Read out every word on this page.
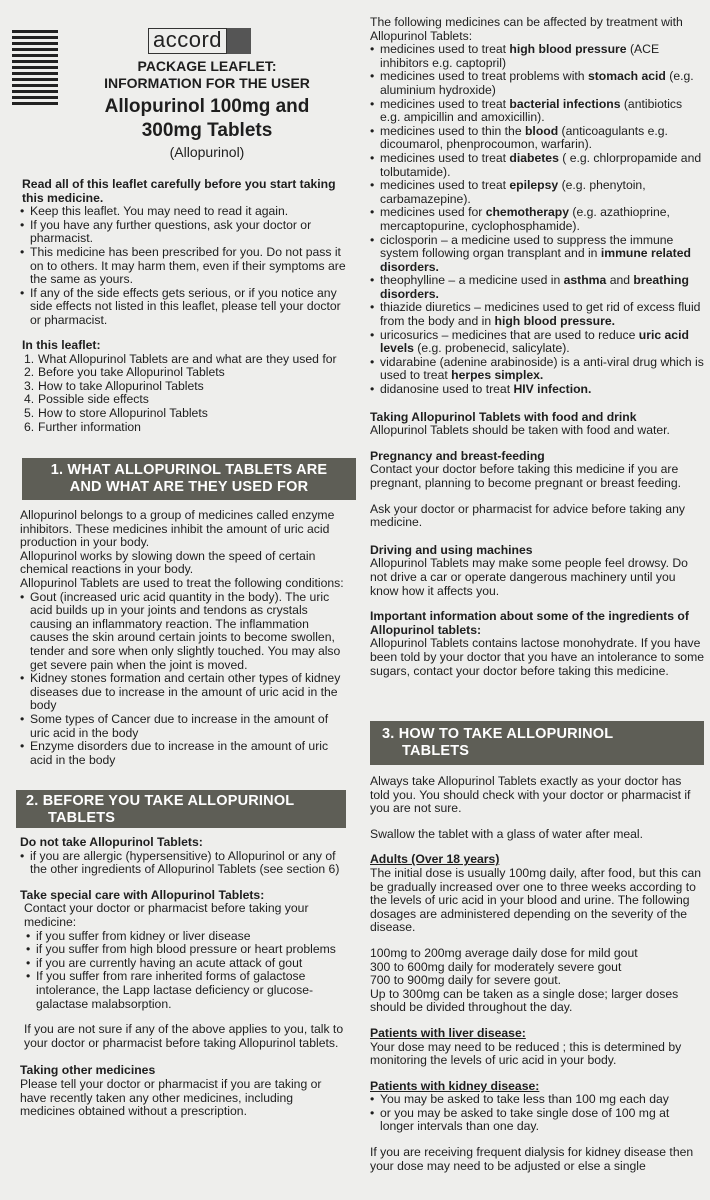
accord
PACKAGE LEAFLET:
INFORMATION FOR THE USER
Allopurinol 100mg and
300mg Tablets
(Allopurinol)

Read all of this leaflet carefully before you start taking this medicine.

• Keep this leaflet. You may need to read it again.
• If you have any further questions, ask your doctor or pharmacist.
• This medicine has been prescribed for you. Do not pass it on to others. It may harm them, even if their symptoms are the same as yours.
• If any of the side effects gets serious, or if you notice any side effects not listed in this leaflet, please tell your doctor or pharmacist.

In this leaflet:

1. What Allopurinol Tablets are and what are they used for
2. Before you take Allopurinol Tablets
3. How to take Allopurinol Tablets
4. Possible side effects
5. How to store Allopurinol Tablets
6. Further information
1. WHAT ALLOPURINOL TABLETS ARE
AND WHAT ARE THEY USED FOR

Allopurinol belongs to a group of medicines called enzyme inhibitors. These medicines inhibit the amount of uric acid production in your body.

Allopurinol works by slowing down the speed of certain chemical reactions in your body.

Allopurinol Tablets are used to treat the following conditions:

• Gout (increased uric acid quantity in the body). The uric acid builds up in your joints and tendons as crystals causing an inflammatory reaction. The inflammation causes the skin around certain joints to become swollen, tender and sore when only slightly touched. You may also get severe pain when the joint is moved.
• Kidney stones formation and certain other types of kidney diseases due to increase in the amount of uric acid in the body
• Some types of Cancer due to increase in the amount of uric acid in the body
• Enzyme disorders due to increase in the amount of uric acid in the body
2. BEFORE YOU TAKE ALLOPURINOL
TABLETS

Do not take Allopurinol Tablets:

• if you are allergic (hypersensitive) to Allopurinol or any of the other ingredients of Allopurinol Tablets (see section 6)

Take special care with Allopurinol Tablets:

Contact your doctor or pharmacist before taking your medicine:

• if you suffer from kidney or liver disease
• if you suffer from high blood pressure or heart problems
• if you are currently having an acute attack of gout
• If you suffer from rare inherited forms of galactose intolerance, the Lapp lactase deficiency or glucose-galactase malabsorption.

If you are not sure if any of the above applies to you, talk to your doctor or pharmacist before taking Allopurinol tablets.

Taking other medicines

Please tell your doctor or pharmacist if you are taking or have recently taken any other medicines, including medicines obtained without a prescription.

The following medicines can be affected by treatment with Allopurinol Tablets:

• medicines used to treat high blood pressure (ACE inhibitors e.g. captopril)
• medicines used to treat problems with stomach acid (e.g. aluminium hydroxide)
• medicines used to treat bacterial infections (antibiotics e.g. ampicillin and amoxicillin).
• medicines used to thin the blood (anticoagulants e.g. dicoumarol, phenprocoumon, warfarin).
• medicines used to treat diabetes ( e.g. chlorpropamide and tolbutamide).
• medicines used to treat epilepsy (e.g. phenytoin, carbamazepine).
• medicines used for chemotherapy (e.g. azathioprine, mercaptopurine, cyclophosphamide).
• ciclosporin – a medicine used to suppress the immune system following organ transplant and in immune related disorders.
• theophylline – a medicine used in asthma and breathing disorders.
• thiazide diuretics – medicines used to get rid of excess fluid from the body and in high blood pressure.
• uricosurics – medicines that are used to reduce uric acid levels (e.g. probenecid, salicylate).
• vidarabine (adenine arabinoside) is a anti-viral drug which is used to treat herpes simplex.
• didanosine used to treat HIV infection.

Taking Allopurinol Tablets with food and drink

Allopurinol Tablets should be taken with food and water.

Pregnancy and breast-feeding

Contact your doctor before taking this medicine if you are pregnant, planning to become pregnant or breast feeding.

Ask your doctor or pharmacist for advice before taking any medicine.

Driving and using machines

Allopurinol Tablets may make some people feel drowsy. Do not drive a car or operate dangerous machinery until you know how it affects you.

Important information about some of the ingredients of Allopurinol tablets:

Allopurinol Tablets contains lactose monohydrate. If you have been told by your doctor that you have an intolerance to some sugars, contact your doctor before taking this medicine.

3. HOW TO TAKE ALLOPURINOL
TABLETS

Always take Allopurinol Tablets exactly as your doctor has told you. You should check with your doctor or pharmacist if you are not sure.

Swallow the tablet with a glass of water after meal.

Adults (Over 18 years)

The initial dose is usually 100mg daily, after food, but this can be gradually increased over one to three weeks according to the levels of uric acid in your blood and urine. The following dosages are administered depending on the severity of the disease.

100mg to 200mg average daily dose for mild gout

300 to 600mg daily for moderately severe gout

700 to 900mg daily for severe gout.

Up to 300mg can be taken as a single dose; larger doses should be divided throughout the day.

Patients with liver disease:

Your dose may need to be reduced ; this is determined by monitoring the levels of uric acid in your body.

Patients with kidney disease:

• You may be asked to take less than 100 mg each day
• or you may be asked to take single dose of 100 mg at longer intervals than one day.

If you are receiving frequent dialysis for kidney disease then your dose may need to be adjusted or else a single
